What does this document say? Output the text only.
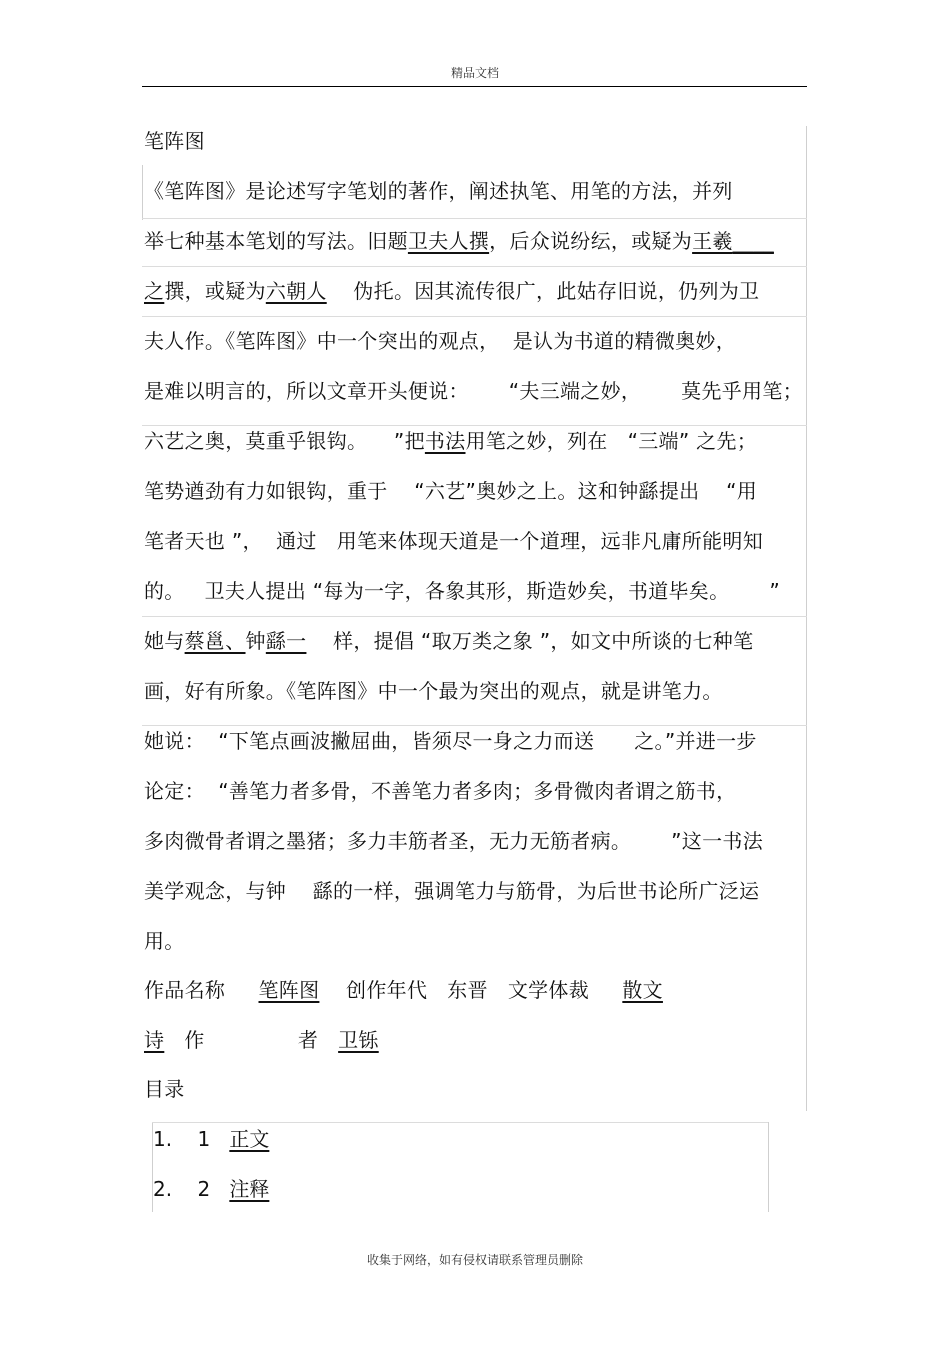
精品文档
笔阵图
《笔阵图》是论述写字笔划的著作，阐述执笔、用笔的方法，并列
举七种基本笔划的写法。旧题卫夫人撰，后众说纷纭，或疑为王羲____
之撰，或疑为六朝人    伪托。因其流传很广，此姑存旧说，仍列为卫
夫人作。《笔阵图》中一个突出的观点，  是认为书道的精微奥妙，
是难以明言的，所以文章开头便说：      “夫三端之妙，      莫先乎用笔；
六艺之奥，莫重乎银钩。    ”把书法用笔之妙，列在   “三端” 之先；
笔势遒劲有力如银钩，重于    “六艺”奥妙之上。这和钟繇提出    “用
笔者天也 ”，  通过   用笔来体现天道是一个道理，远非凡庸所能明知
的。   卫夫人提出 “每为一字，各象其形，斯造妙矣，书道毕矣。      ”
她与蔡邕、钟繇一    样，提倡 “取万类之象 ”，如文中所谈的七种笔
画，好有所象。《笔阵图》中一个最为突出的观点，就是讲笔力。
她说：  “下笔点画波撇屈曲，皆须尽一身之力而送      之。”并进一步
论定：  “善笔力者多骨，不善笔力者多肉；多骨微肉者谓之筋书，
多肉微骨者谓之墨猪；多力丰筋者圣，无力无筋者病。      ”这一书法
美学观念，与钟    繇的一样，强调笔力与筋骨，为后世书论所广泛运
用。
作品名称 笔阵图 创作年代 东晋 文学体裁 散文
诗 作	者 卫铄
目录
1. 1 正文
2. 2 注释
收集于网络，如有侵权请联系管理员删除
